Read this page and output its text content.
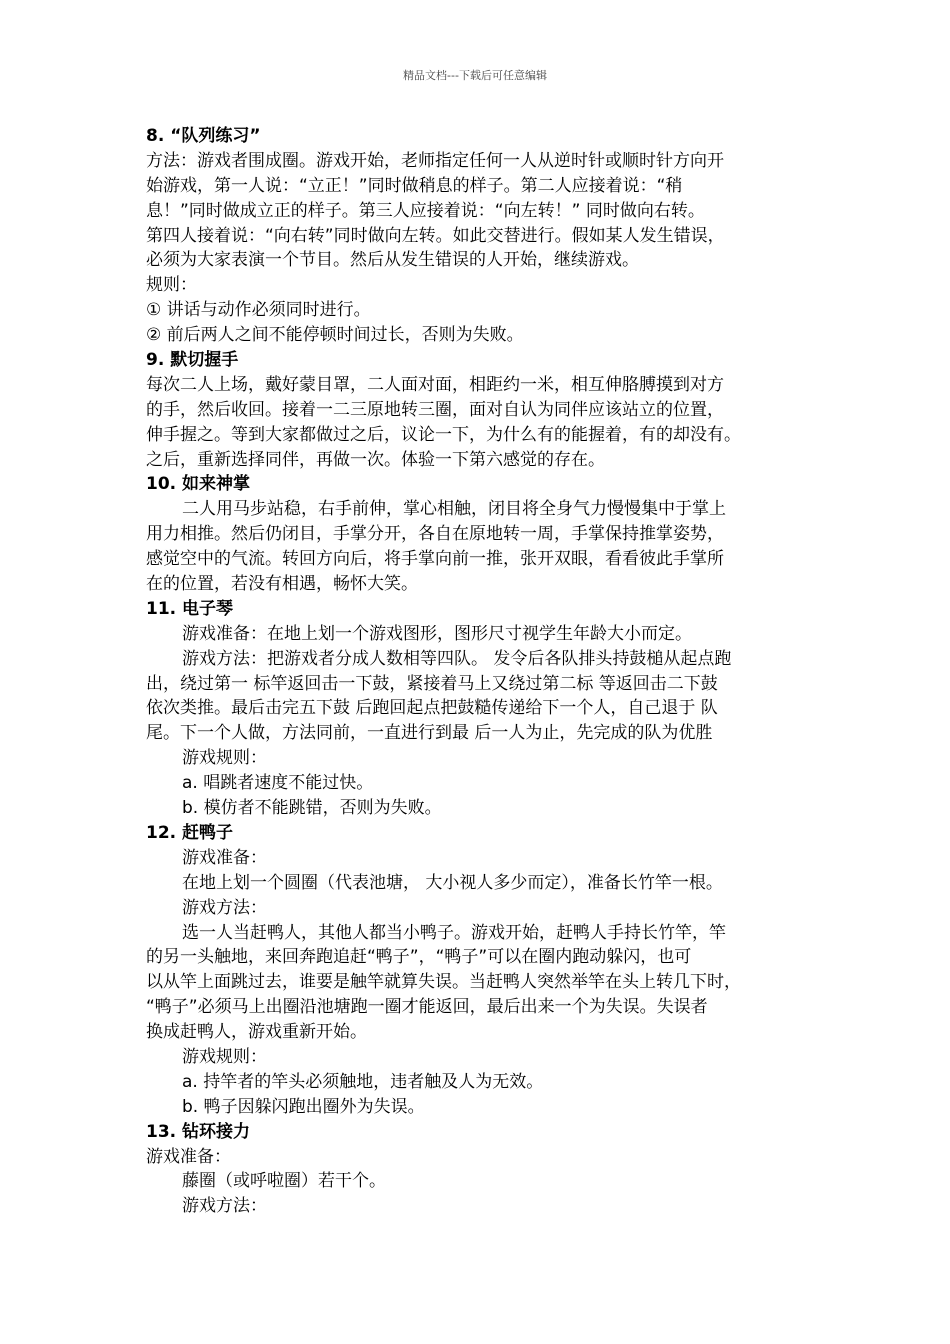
精品文档---下载后可任意编辑
8. “队列练习”
方法：游戏者围成圈。游戏开始，老师指定任何一人从逆时针或顺时针方向开
始游戏，第一人说：“立正！”同时做稍息的样子。第二人应接着说：“稍
息！”同时做成立正的样子。第三人应接着说：“向左转！” 同时做向右转。
第四人接着说：“向右转”同时做向左转。如此交替进行。假如某人发生错误，
必须为大家表演一个节目。然后从发生错误的人开始，继续游戏。
规则：
① 讲话与动作必须同时进行。
② 前后两人之间不能停顿时间过长，否则为失败。
9. 默切握手
每次二人上场，戴好蒙目罩，二人面对面，相距约一米，相互伸胳膊摸到对方
的手，然后收回。接着一二三原地转三圈，面对自认为同伴应该站立的位置，
伸手握之。等到大家都做过之后，议论一下，为什么有的能握着，有的却没有。
之后，重新选择同伴，再做一次。体验一下第六感觉的存在。
10. 如来神掌
二人用马步站稳，右手前伸，掌心相触，闭目将全身气力慢慢集中于掌上
用力相推。然后仍闭目，手掌分开，各自在原地转一周，手掌保持推掌姿势，
感觉空中的气流。转回方向后，将手掌向前一推，张开双眼，看看彼此手掌所
在的位置，若没有相遇，畅怀大笑。
11. 电子琴
游戏准备：在地上划一个游戏图形，图形尺寸视学生年龄大小而定。
游戏方法：把游戏者分成人数相等四队。 发令后各队排头持鼓槌从起点跑
出，绕过第一 标竿返回击一下鼓，紧接着马上又绕过第二标 等返回击二下鼓
依次类推。最后击完五下鼓 后跑回起点把鼓糙传递给下一个人，自己退于 队
尾。下一个人做，方法同前，一直进行到最 后一人为止，先完成的队为优胜
游戏规则：
a. 唱跳者速度不能过快。
b. 模仿者不能跳错，否则为失败。
12. 赶鸭子
游戏准备：
在地上划一个圆圈（代表池塘， 大小视人多少而定），准备长竹竿一根。
游戏方法：
选一人当赶鸭人，其他人都当小鸭子。游戏开始，赶鸭人手持长竹竿，竿
的另一头触地，来回奔跑追赶“鸭子”，“鸭子”可以在圈内跑动躲闪，也可
以从竿上面跳过去，谁要是触竿就算失误。当赶鸭人突然举竿在头上转几下时，
“鸭子”必须马上出圈沿池塘跑一圈才能返回，最后出来一个为失误。失误者
换成赶鸭人，游戏重新开始。
游戏规则：
a. 持竿者的竿头必须触地，违者触及人为无效。
b. 鸭子因躲闪跑出圈外为失误。
13. 钻环接力
游戏准备：
藤圈（或呼啦圈）若干个。
游戏方法：
